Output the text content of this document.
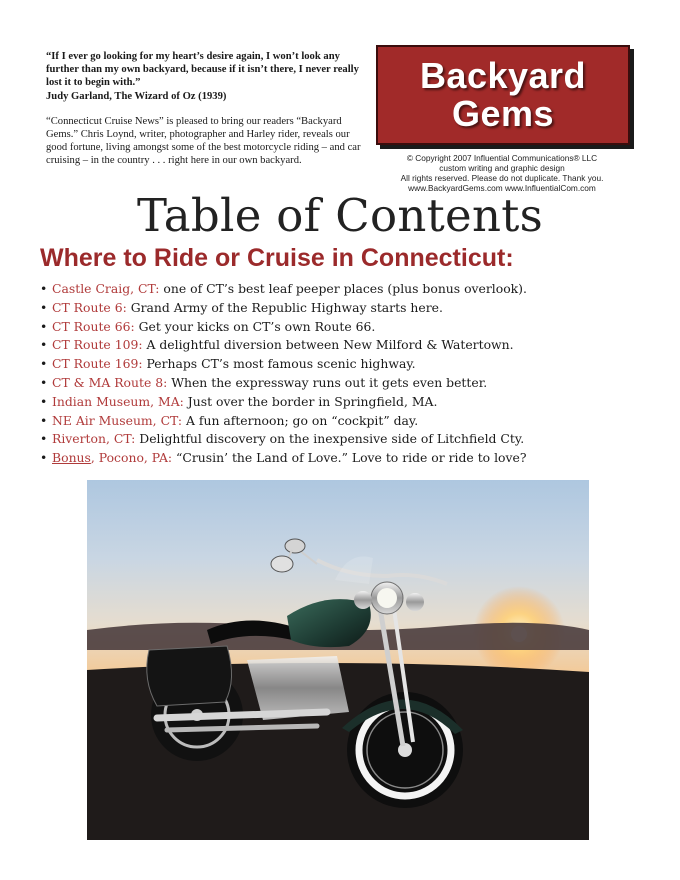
“If I ever go looking for my heart’s desire again, I won’t look any further than my own backyard, because if it isn’t there, I never really lost it to begin with.”

Judy Garland, The Wizard of Oz (1939)

“Connecticut Cruise News” is pleased to bring our readers “Backyard Gems.” Chris Loynd, writer, photographer and Harley rider, reveals our good fortune, living amongst some of the best motorcycle riding – and car cruising – in the country . . . right here in our own backyard.

Backyard
Gems
© Copyright 2007 Influential Communications® LLC
custom writing and graphic design
All rights reserved. Please do not duplicate. Thank you.
www.BackyardGems.com www.InfluentialCom.com
Table of Contents
Where to Ride or Cruise in Connecticut:
• Castle Craig, CT: one of CT’s best leaf peeper places (plus bonus overlook).
• CT Route 6: Grand Army of the Republic Highway starts here.
• CT Route 66: Get your kicks on CT’s own Route 66.
• CT Route 109: A delightful diversion between New Milford & Watertown.
• CT Route 169: Perhaps CT’s most famous scenic highway.
• CT & MA Route 8: When the expressway runs out it gets even better.
• Indian Museum, MA: Just over the border in Springfield, MA.
• NE Air Museum, CT: A fun afternoon; go on “cockpit” day.
• Riverton, CT: Delightful discovery on the inexpensive side of Litchfield Cty.
• Bonus, Pocono, PA: “Crusin’ the Land of Love.” Love to ride or ride to love?
